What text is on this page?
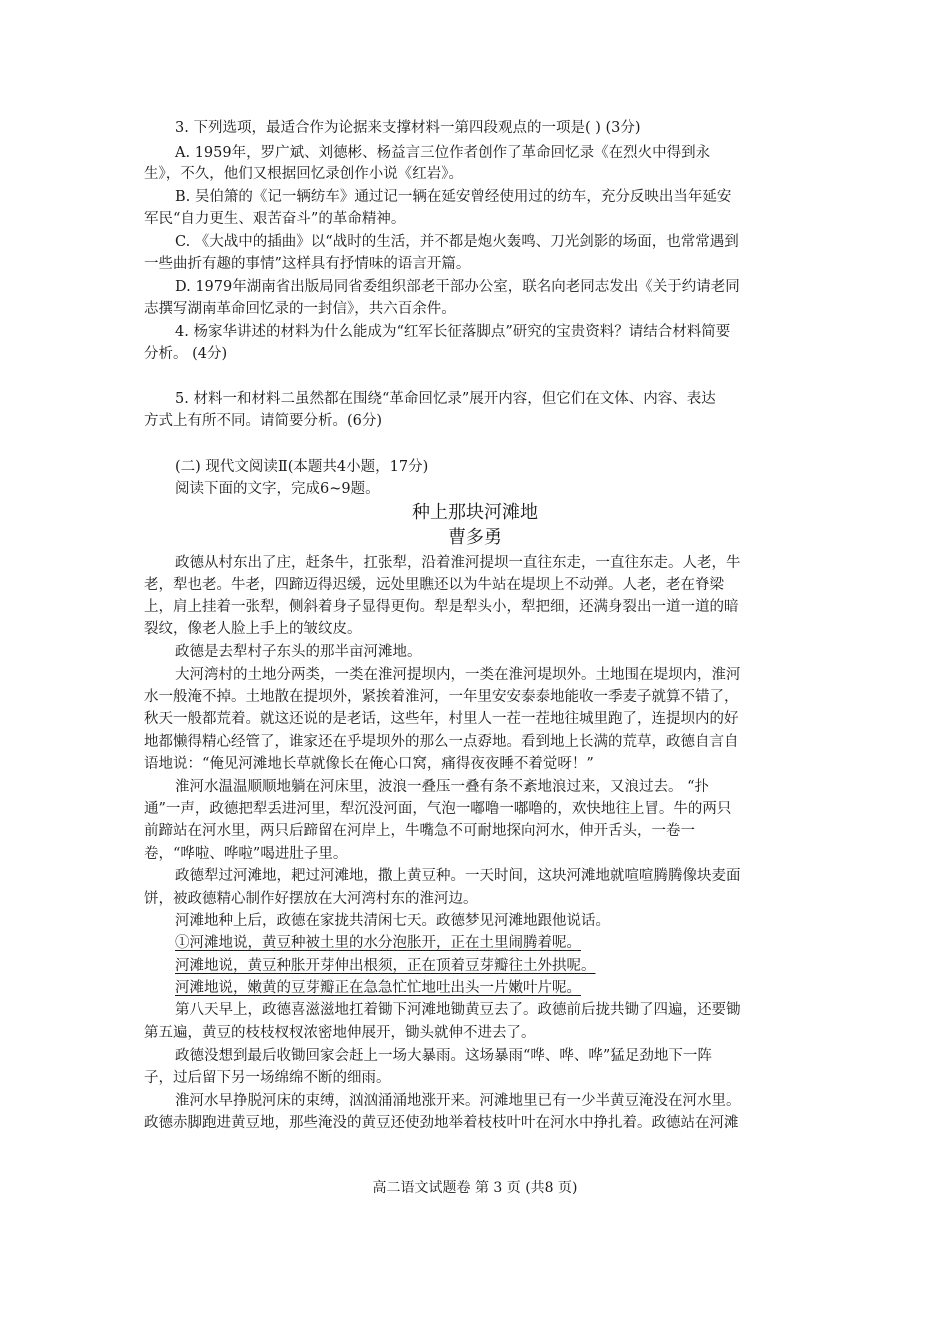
3. 下列选项，最适合作为论据来支撑材料一第四段观点的一项是( ) (3分)
A. 1959年，罗广斌、刘德彬、杨益言三位作者创作了革命回忆录《在烈火中得到永
生》，不久，他们又根据回忆录创作小说《红岩》。
B. 吴伯箫的《记一辆纺车》通过记一辆在延安曾经使用过的纺车，充分反映出当年延安
军民“自力更生、艰苦奋斗”的革命精神。
C. 《大战中的插曲》以“战时的生活，并不都是炮火轰鸣、刀光剑影的场面，也常常遇到
一些曲折有趣的事情”这样具有抒情味的语言开篇。
D. 1979年湖南省出版局同省委组织部老干部办公室，联名向老同志发出《关于约请老同
志撰写湖南革命回忆录的一封信》，共六百余件。
4. 杨家华讲述的材料为什么能成为“红军长征落脚点”研究的宝贵资料？请结合材料简要
分析。 (4分)
5. 材料一和材料二虽然都在围绕“革命回忆录”展开内容，但它们在文体、内容、表达
方式上有所不同。请简要分析。(6分)
(二) 现代文阅读Ⅱ(本题共4小题，17分)
阅读下面的文字，完成6~9题。
种上那块河滩地
曹多勇
政德从村东出了庄，赶条牛，扛张犁，沿着淮河提坝一直往东走，一直往东走。人老，牛
老，犁也老。牛老，四蹄迈得迟缓，远处里瞧还以为牛站在堤坝上不动弹。人老，老在脊梁
上，肩上挂着一张犁，侧斜着身子显得更佝。犁是犁头小，犁把细，还满身裂出一道一道的暗
裂纹，像老人脸上手上的皱纹皮。
政德是去犁村子东头的那半亩河滩地。
大河湾村的土地分两类，一类在淮河提坝内，一类在淮河堤坝外。土地围在堤坝内，淮河
水一般淹不掉。土地散在提坝外，紧挨着淮河，一年里安安泰泰地能收一季麦子就算不错了，
秋天一般都荒着。就这还说的是老话，这些年，村里人一茬一茬地往城里跑了，连提坝内的好
地都懒得精心经管了，谁家还在乎堤坝外的那么一点孬地。看到地上长满的荒草，政德自言自
语地说：“俺见河滩地长草就像长在俺心口窝，痛得夜夜睡不着觉呀！”
淮河水温温顺顺地躺在河床里，波浪一叠压一叠有条不紊地浪过来，又浪过去。 “扑
通”一声，政德把犁丢进河里，犁沉没河面，气泡一嘟噜一嘟噜的，欢快地往上冒。牛的两只
前蹄站在河水里，两只后蹄留在河岸上，牛嘴急不可耐地探向河水，伸开舌头，一卷一
卷，“哗啦、哗啦”喝进肚子里。
政德犁过河滩地，耙过河滩地，撒上黄豆种。一天时间，这块河滩地就喧喧腾腾像块麦面
饼，被政德精心制作好摆放在大河湾村东的淮河边。
河滩地种上后，政德在家拢共清闲七天。政德梦见河滩地跟他说话。
①河滩地说，黄豆种被土里的水分泡胀开，正在土里闹腾着呢。
河滩地说，黄豆种胀开芽伸出根须，正在顶着豆芽瓣往土外拱呢。
河滩地说，嫩黄的豆芽瓣正在急急忙忙地吐出头一片嫩叶片呢。
第八天早上，政德喜滋滋地扛着锄下河滩地锄黄豆去了。政德前后拢共锄了四遍，还要锄
第五遍，黄豆的枝枝杈杈浓密地伸展开，锄头就伸不进去了。
政德没想到最后收锄回家会赶上一场大暴雨。这场暴雨“哗、哗、哗”猛足劲地下一阵
子，过后留下另一场绵绵不断的细雨。
淮河水早挣脱河床的束缚，汹汹涌涌地涨开来。河滩地里已有一少半黄豆淹没在河水里。
政德赤脚跑进黄豆地，那些淹没的黄豆还使劲地举着枝枝叶叶在河水中挣扎着。政德站在河滩
高二语文试题卷 第 3 页 (共8 页)
